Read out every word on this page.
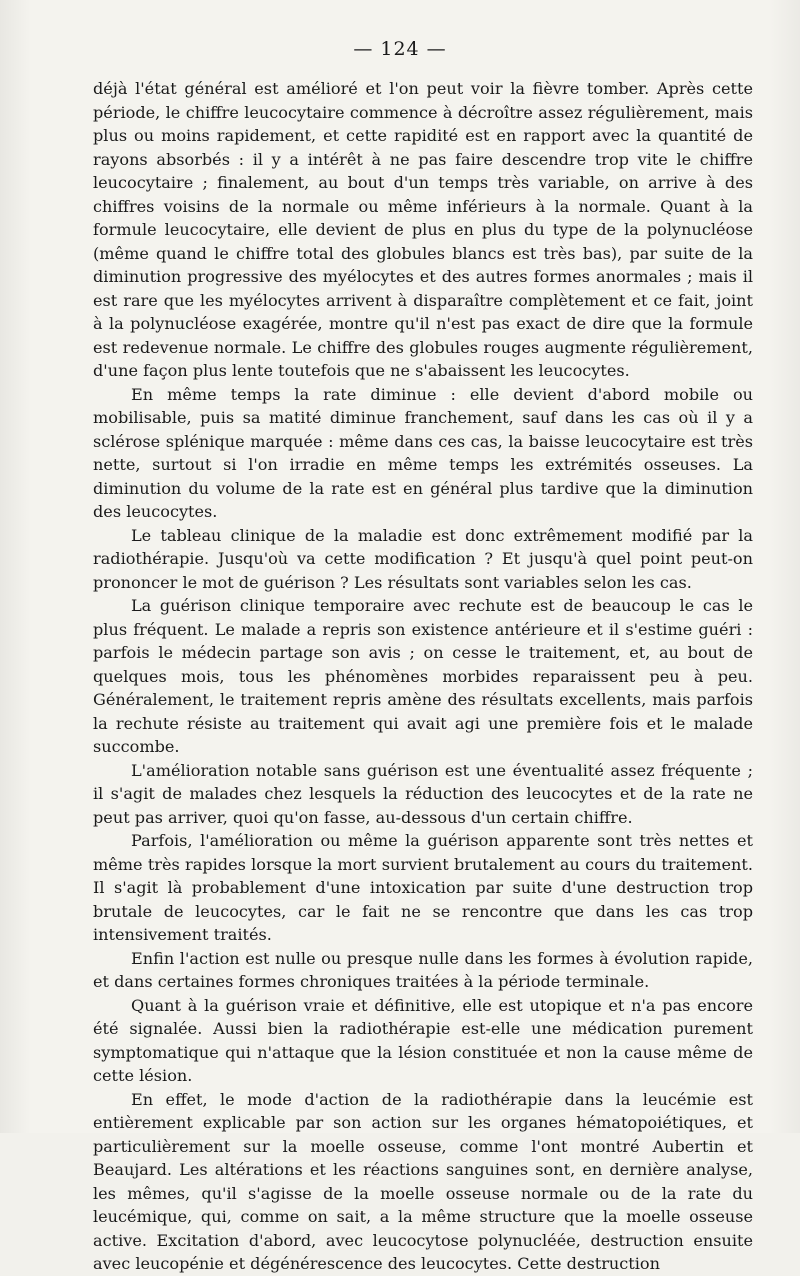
— 124 —

déjà l'état général est amélioré et l'on peut voir la fièvre tomber. Après cette période, le chiffre leucocytaire commence à décroître assez régulièrement, mais plus ou moins rapidement, et cette rapidité est en rapport avec la quantité de rayons absorbés : il y a intérêt à ne pas faire descendre trop vite le chiffre leucocytaire ; finalement, au bout d'un temps très variable, on arrive à des chiffres voisins de la normale ou même inférieurs à la normale. Quant à la formule leucocytaire, elle devient de plus en plus du type de la polynucléose (même quand le chiffre total des globules blancs est très bas), par suite de la diminution progressive des myélocytes et des autres formes anormales ; mais il est rare que les myélocytes arrivent à disparaître complètement et ce fait, joint à la polynucléose exagérée, montre qu'il n'est pas exact de dire que la formule est redevenue normale. Le chiffre des globules rouges augmente régulièrement, d'une façon plus lente toutefois que ne s'abaissent les leucocytes.

En même temps la rate diminue : elle devient d'abord mobile ou mobilisable, puis sa matité diminue franchement, sauf dans les cas où il y a sclérose splénique marquée : même dans ces cas, la baisse leucocytaire est très nette, surtout si l'on irradie en même temps les extrémités osseuses. La diminution du volume de la rate est en général plus tardive que la diminution des leucocytes.

Le tableau clinique de la maladie est donc extrêmement modifié par la radiothérapie. Jusqu'où va cette modification ? Et jusqu'à quel point peut-on prononcer le mot de guérison ? Les résultats sont variables selon les cas.

La guérison clinique temporaire avec rechute est de beaucoup le cas le plus fréquent. Le malade a repris son existence antérieure et il s'estime guéri : parfois le médecin partage son avis ; on cesse le traitement, et, au bout de quelques mois, tous les phénomènes morbides reparaissent peu à peu. Généralement, le traitement repris amène des résultats excellents, mais parfois la rechute résiste au traitement qui avait agi une première fois et le malade succombe.

L'amélioration notable sans guérison est une éventualité assez fréquente ; il s'agit de malades chez lesquels la réduction des leucocytes et de la rate ne peut pas arriver, quoi qu'on fasse, au-dessous d'un certain chiffre.

Parfois, l'amélioration ou même la guérison apparente sont très nettes et même très rapides lorsque la mort survient brutalement au cours du traitement. Il s'agit là probablement d'une intoxication par suite d'une destruction trop brutale de leucocytes, car le fait ne se rencontre que dans les cas trop intensivement traités.

Enfin l'action est nulle ou presque nulle dans les formes à évolution rapide, et dans certaines formes chroniques traitées à la période terminale.

Quant à la guérison vraie et définitive, elle est utopique et n'a pas encore été signalée. Aussi bien la radiothérapie est-elle une médication purement symptomatique qui n'attaque que la lésion constituée et non la cause même de cette lésion.

En effet, le mode d'action de la radiothérapie dans la leucémie est entièrement explicable par son action sur les organes hématopoiétiques, et particulièrement sur la moelle osseuse, comme l'ont montré Aubertin et Beaujard. Les altérations et les réactions sanguines sont, en dernière analyse, les mêmes, qu'il s'agisse de la moelle osseuse normale ou de la rate du leucémique, qui, comme on sait, a la même structure que la moelle osseuse active. Excitation d'abord, avec leucocytose polynucléée, destruction ensuite avec leucopénie et dégénérescence des leucocytes. Cette destruction
